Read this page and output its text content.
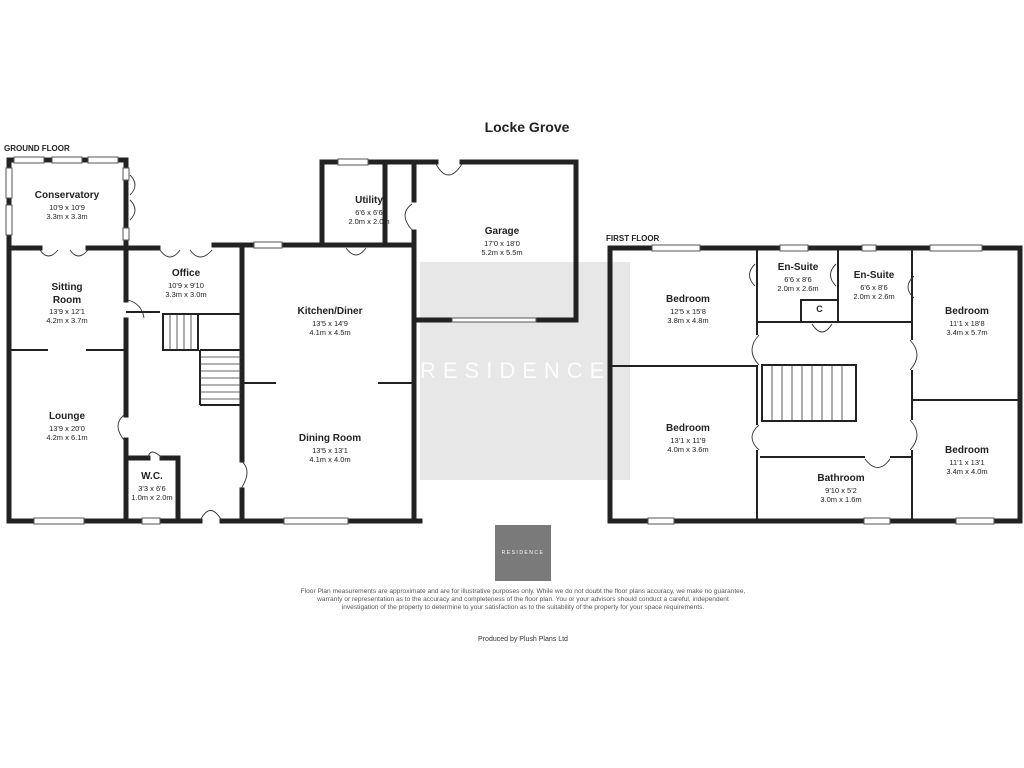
RESIDENCE
Locke Grove
GROUND FLOOR
FIRST FLOOR
Conservatory
10'9 x 10'9
3.3m x 3.3m
Sitting
Room
13'9 x 12'1
4.2m x 3.7m
Lounge
13'9 x 20'0
4.2m x 6.1m
W.C.
3'3 x 6'6
1.0m x 2.0m
Office
10'9 x 9'10
3.3m x 3.0m
Utility
6'6 x 6'6
2.0m x 2.0m
Garage
17'0 x 18'0
5.2m x 5.5m
Kitchen/Diner
13'5 x 14'9
4.1m x 4.5m
Dining Room
13'5 x 13'1
4.1m x 4.0m
Bedroom
12'5 x 15'8
3.8m x 4.8m
En-Suite
6'6 x 8'6
2.0m x 2.6m
En-Suite
6'6 x 8'6
2.0m x 2.6m
Bedroom
11'1 x 18'8
3.4m x 5.7m
Bedroom
13'1 x 11'9
4.0m x 3.6m
Bathroom
9'10 x 5'2
3.0m x 1.6m
Bedroom
11'1 x 13'1
3.4m x 4.0m
C
RESIDENCE
Floor Plan measurements are approximate and are for illustrative purposes only. While we do not doubt the floor plans accuracy, we make no guarantee, warranty or representation as to the accuracy and completeness of the floor plan. You or your advisors should conduct a careful, independent investigation of the property to determine to your satisfaction as to the suitability of the property for your space requirements.
Produced by Plush Plans Ltd
